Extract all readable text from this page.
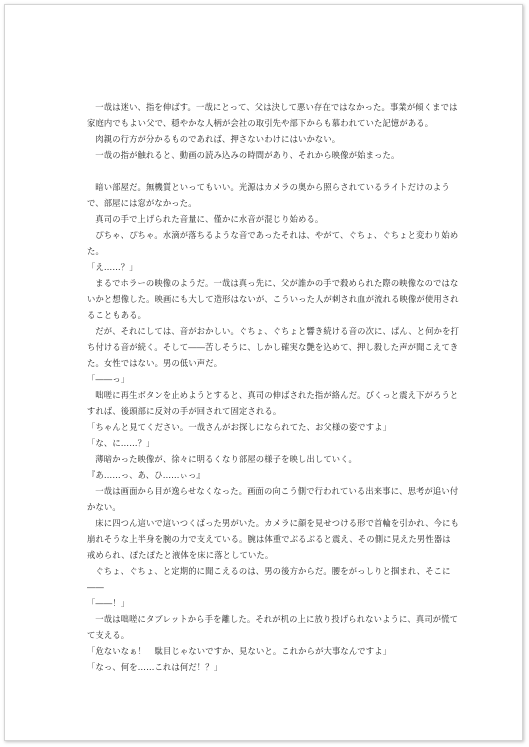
一哉は迷い、指を伸ばす。一哉にとって、父は決して悪い存在ではなかった。事業が傾くまでは家庭内でもよい父で、穏やかな人柄が会社の取引先や部下からも慕われていた記憶がある。

肉親の行方が分かるものであれば、押さないわけにはいかない。

一哉の指が触れると、動画の読み込みの時間があり、それから映像が始まった。

暗い部屋だ。無機質といってもいい。光源はカメラの奥から照らされているライトだけのようで、部屋には窓がなかった。

真司の手で上げられた音量に、僅かに水音が混じり始める。

ぴちゃ、ぴちゃ。水滴が落ちるような音であったそれは、やがて、ぐちょ、ぐちょと変わり始めた。

「え……？」

まるでホラーの映像のようだ。一哉は真っ先に、父が誰かの手で殺められた際の映像なのではないかと想像した。映画にも大して造形はないが、こういった人が刺され血が流れる映像が使用されることもある。

だが、それにしては、音がおかしい。ぐちょ、ぐちょと響き続ける音の次に、ぱん、と何かを打ち付ける音が続く。そして――苦しそうに、しかし確実な艶を込めて、押し殺した声が聞こえてきた。女性ではない。男の低い声だ。

「――っ」

咄嗟に再生ボタンを止めようとすると、真司の伸ばされた指が絡んだ。びくっと震え下がろうとすれば、後頭部に反対の手が回されて固定される。

「ちゃんと見てください。一哉さんがお探しになられてた、お父様の姿ですよ」

「な、に……？」

薄暗かった映像が、徐々に明るくなり部屋の様子を映し出していく。

『あ……っ、あ、ひ……ぃっ』

一哉は画面から目が逸らせなくなった。画面の向こう側で行われている出来事に、思考が追い付かない。

床に四つん這いで這いつくばった男がいた。カメラに顔を見せつける形で首輪を引かれ、今にも崩れそうな上半身を腕の力で支えている。腕は体重でぶるぶると震え、その側に見えた男性器は戒められ、ぽたぽたと液体を床に落としていた。

ぐちょ、ぐちょ、と定期的に聞こえるのは、男の後方からだ。腰をがっしりと掴まれ、そこに――

「――！」

一哉は咄嗟にタブレットから手を離した。それが机の上に放り投げられないように、真司が慌てて支える。

「危ないなぁ！　駄目じゃないですか、見ないと。これからが大事なんですよ」

「なっ、何を……これは何だ！？」
